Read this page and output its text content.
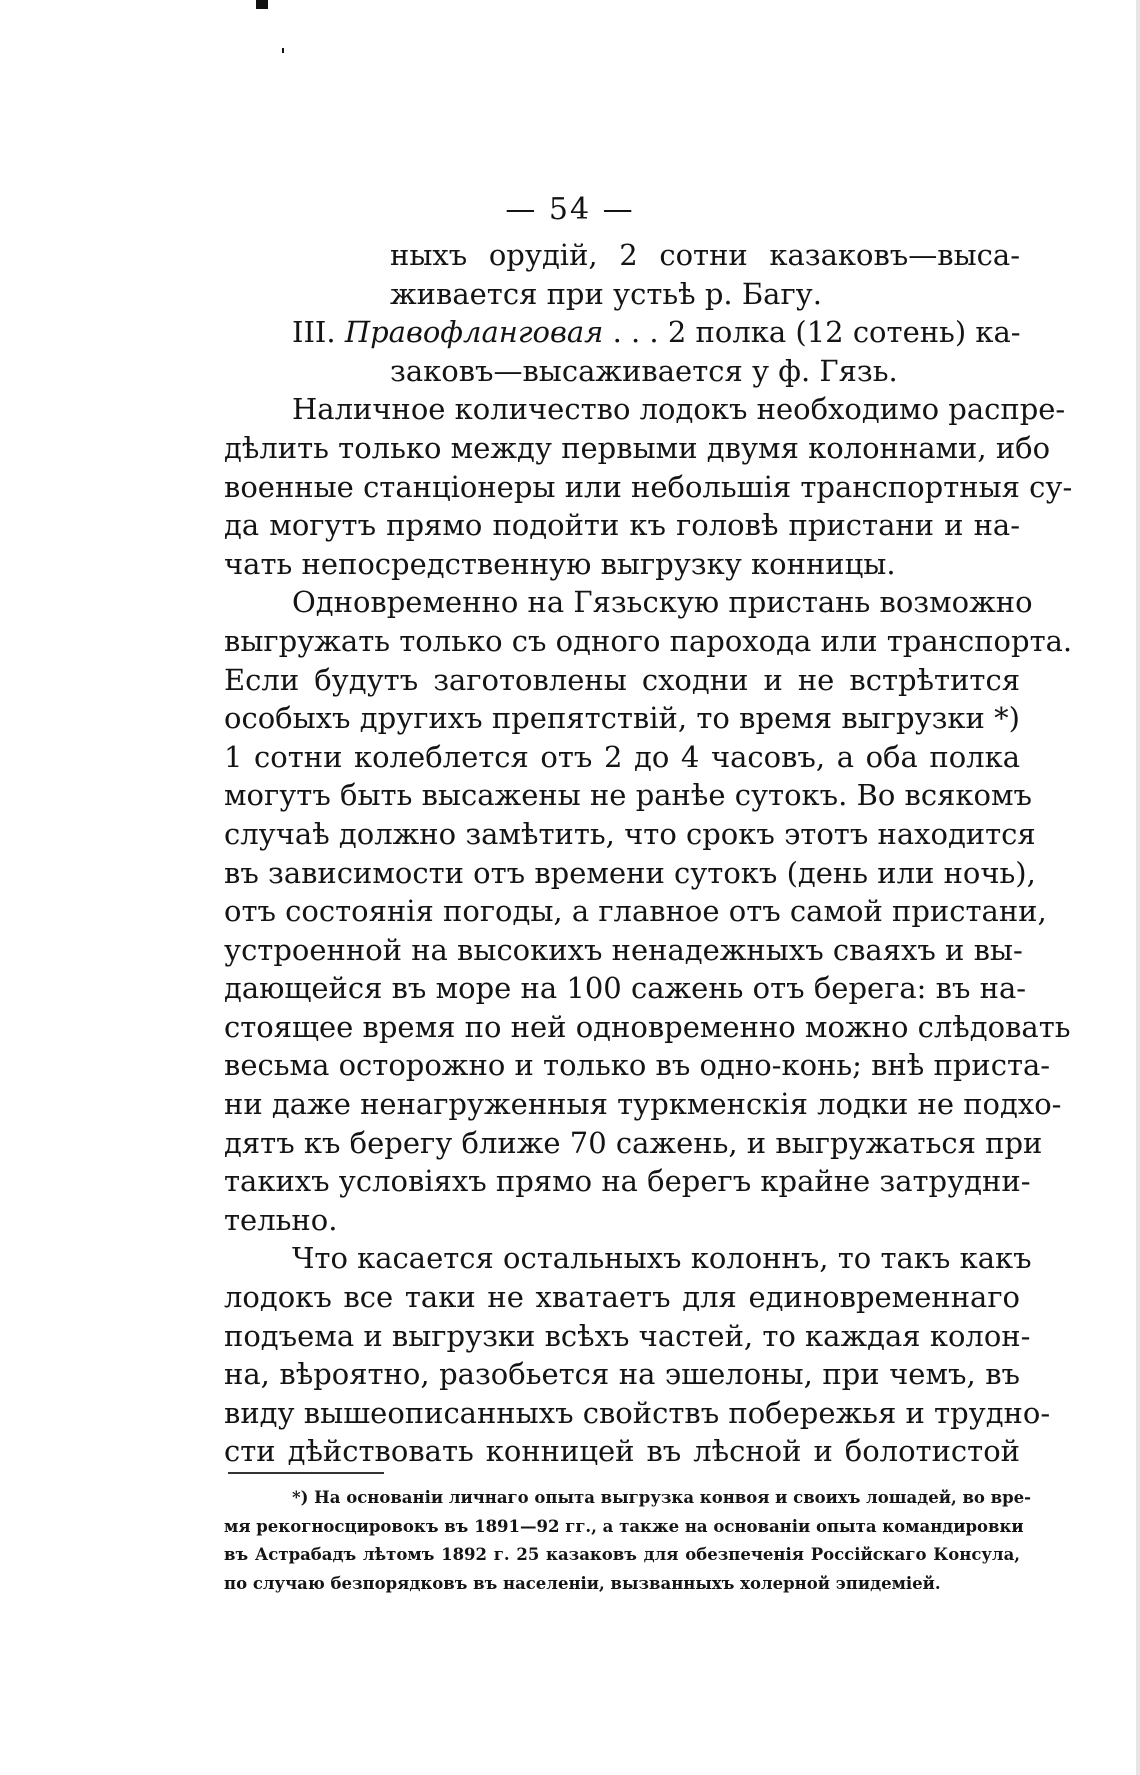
— 54 —
ныхъ орудій, 2 сотни казаковъ—высa-
живается при устьѣ р. Багу.
III. Правофланговая . . . 2 полка (12 сотень) ка-
заковъ—высаживается у ф. Гязь.
Наличное количество лодокъ необходимо распре-
дѣлить только между первыми двумя колоннами, ибо
военные станціонеры или небольшія транспортныя су-
да могутъ прямо подойти къ головѣ пристани и на-
чать непосредственную выгрузку конницы.
Одновременно на Гязьскую пристань возможно
выгружать только съ одного парохода или транспорта.
Если будутъ заготовлены сходни и не встрѣтится
особыхъ другихъ препятствій, то время выгрузки *)
1 сотни колеблется отъ 2 до 4 часовъ, а оба полка
могутъ быть высажены не ранѣе сутокъ. Во всякомъ
случаѣ должно замѣтить, что срокъ этотъ находится
въ зависимости отъ времени сутокъ (день или ночь),
отъ состоянія погоды, а главное отъ самой пристани,
устроенной на высокихъ ненадежныхъ сваяхъ и вы-
дающейся въ море на 100 сажень отъ берега: въ на-
стоящее время по ней одновременно можно слѣдовать
весьма осторожно и только въ одно-конь; внѣ приста-
ни даже ненагруженныя туркменскія лодки не подхо-
дятъ къ берегу ближе 70 сажень, и выгружаться при
такихъ условіяхъ прямо на берегъ крайне затрудни-
тельно.
Что касается остальныхъ колоннъ, то такъ какъ
лодокъ все таки не хватаетъ для единовременнаго
подъема и выгрузки всѣхъ частей, то каждая колон-
на, вѣроятно, разобьется на эшелоны, при чемъ, въ
виду вышеописанныхъ свойствъ побережья и трудно-
сти дѣйствовать конницей въ лѣсной и болотистой
*) На основаніи личнаго опыта выгрузка конвоя и своихъ лошадей, во вре-
мя рекогносцировокъ въ 1891—92 гг., а также на основаніи опыта командировки
въ Астрабадъ лѣтомъ 1892 г. 25 казаковъ для обезпеченія Россійскаго Консула,
по случаю безпорядковъ въ населеніи, вызванныхъ холерной эпидеміей.
